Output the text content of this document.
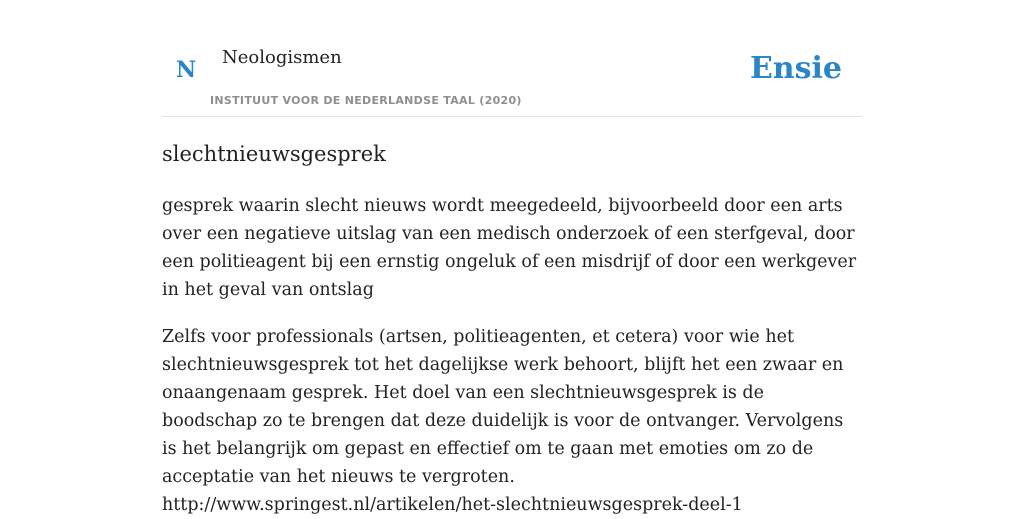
N Neologismen
INSTITUUT VOOR DE NEDERLANDSE TAAL (2020)
Ensie
slechtnieuwsgesprek

gesprek waarin slecht nieuws wordt meegedeeld, bijvoorbeeld door een arts over een negatieve uitslag van een medisch onderzoek of een sterfgeval, door een politieagent bij een ernstig ongeluk of een misdrijf of door een werkgever in het geval van ontslag

Zelfs voor professionals (artsen, politieagenten, et cetera) voor wie het slechtnieuwsgesprek tot het dagelijkse werk behoort, blijft het een zwaar en onaangenaam gesprek. Het doel van een slechtnieuwsgesprek is de boodschap zo te brengen dat deze duidelijk is voor de ontvanger. Vervolgens is het belangrijk om gepast en effectief om te gaan met emoties om zo de acceptatie van het nieuws te vergroten.
http://www.springest.nl/artikelen/het-slechtnieuwsgesprek-deel-1
